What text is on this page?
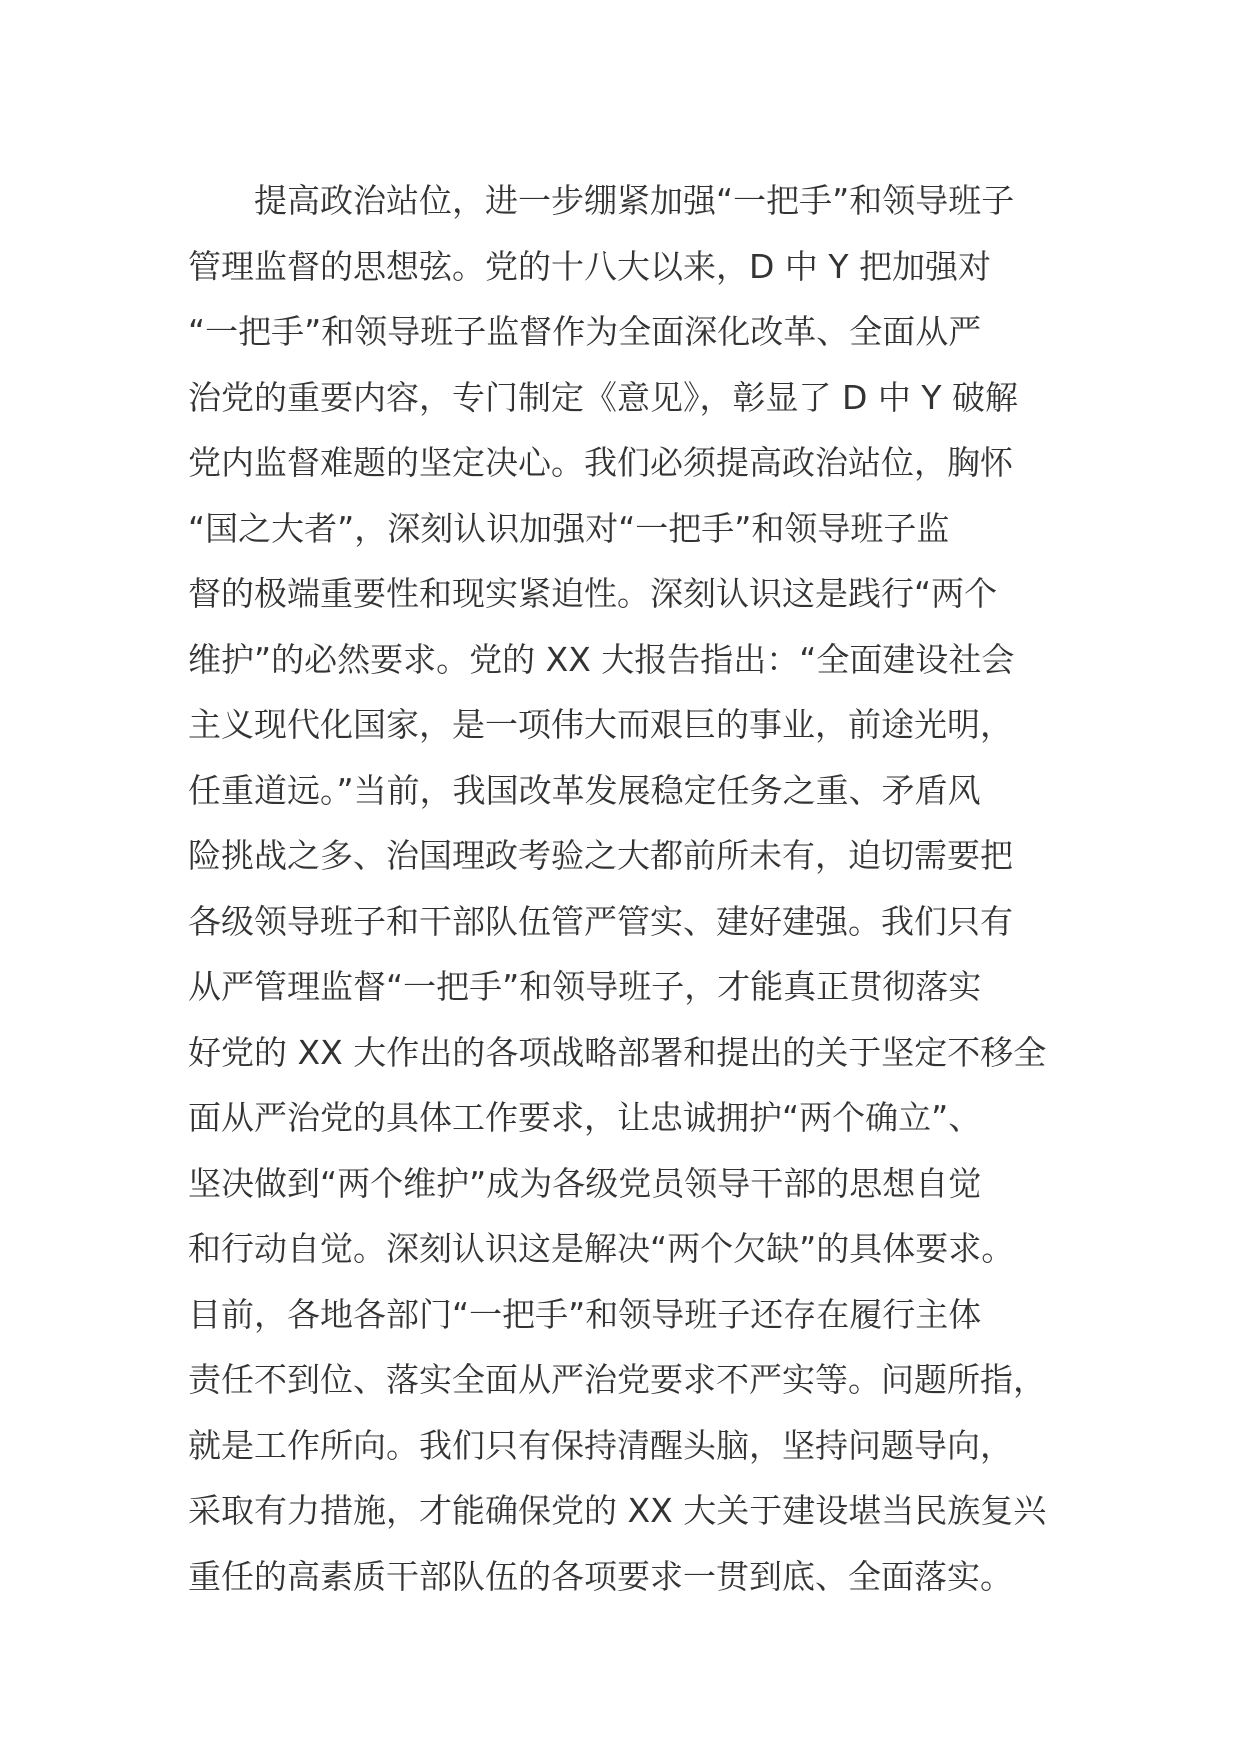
　　提高政治站位，进一步绷紧加强“一把手”和领导班子
管理监督的思想弦。党的十八大以来，D 中 Y 把加强对
“一把手”和领导班子监督作为全面深化改革、全面从严
治党的重要内容，专门制定《意见》，彰显了 D 中 Y 破解
党内监督难题的坚定决心。我们必须提高政治站位，胸怀
“国之大者”，深刻认识加强对“一把手”和领导班子监
督的极端重要性和现实紧迫性。深刻认识这是践行“两个
维护”的必然要求。党的 XX 大报告指出：“全面建设社会
主义现代化国家，是一项伟大而艰巨的事业，前途光明，
任重道远。”当前，我国改革发展稳定任务之重、矛盾风
险挑战之多、治国理政考验之大都前所未有，迫切需要把
各级领导班子和干部队伍管严管实、建好建强。我们只有
从严管理监督“一把手”和领导班子，才能真正贯彻落实
好党的 XX 大作出的各项战略部署和提出的关于坚定不移全
面从严治党的具体工作要求，让忠诚拥护“两个确立”、
坚决做到“两个维护”成为各级党员领导干部的思想自觉
和行动自觉。深刻认识这是解决“两个欠缺”的具体要求。
目前，各地各部门“一把手”和领导班子还存在履行主体
责任不到位、落实全面从严治党要求不严实等。问题所指，
就是工作所向。我们只有保持清醒头脑，坚持问题导向，
采取有力措施，才能确保党的 XX 大关于建设堪当民族复兴
重任的高素质干部队伍的各项要求一贯到底、全面落实。
